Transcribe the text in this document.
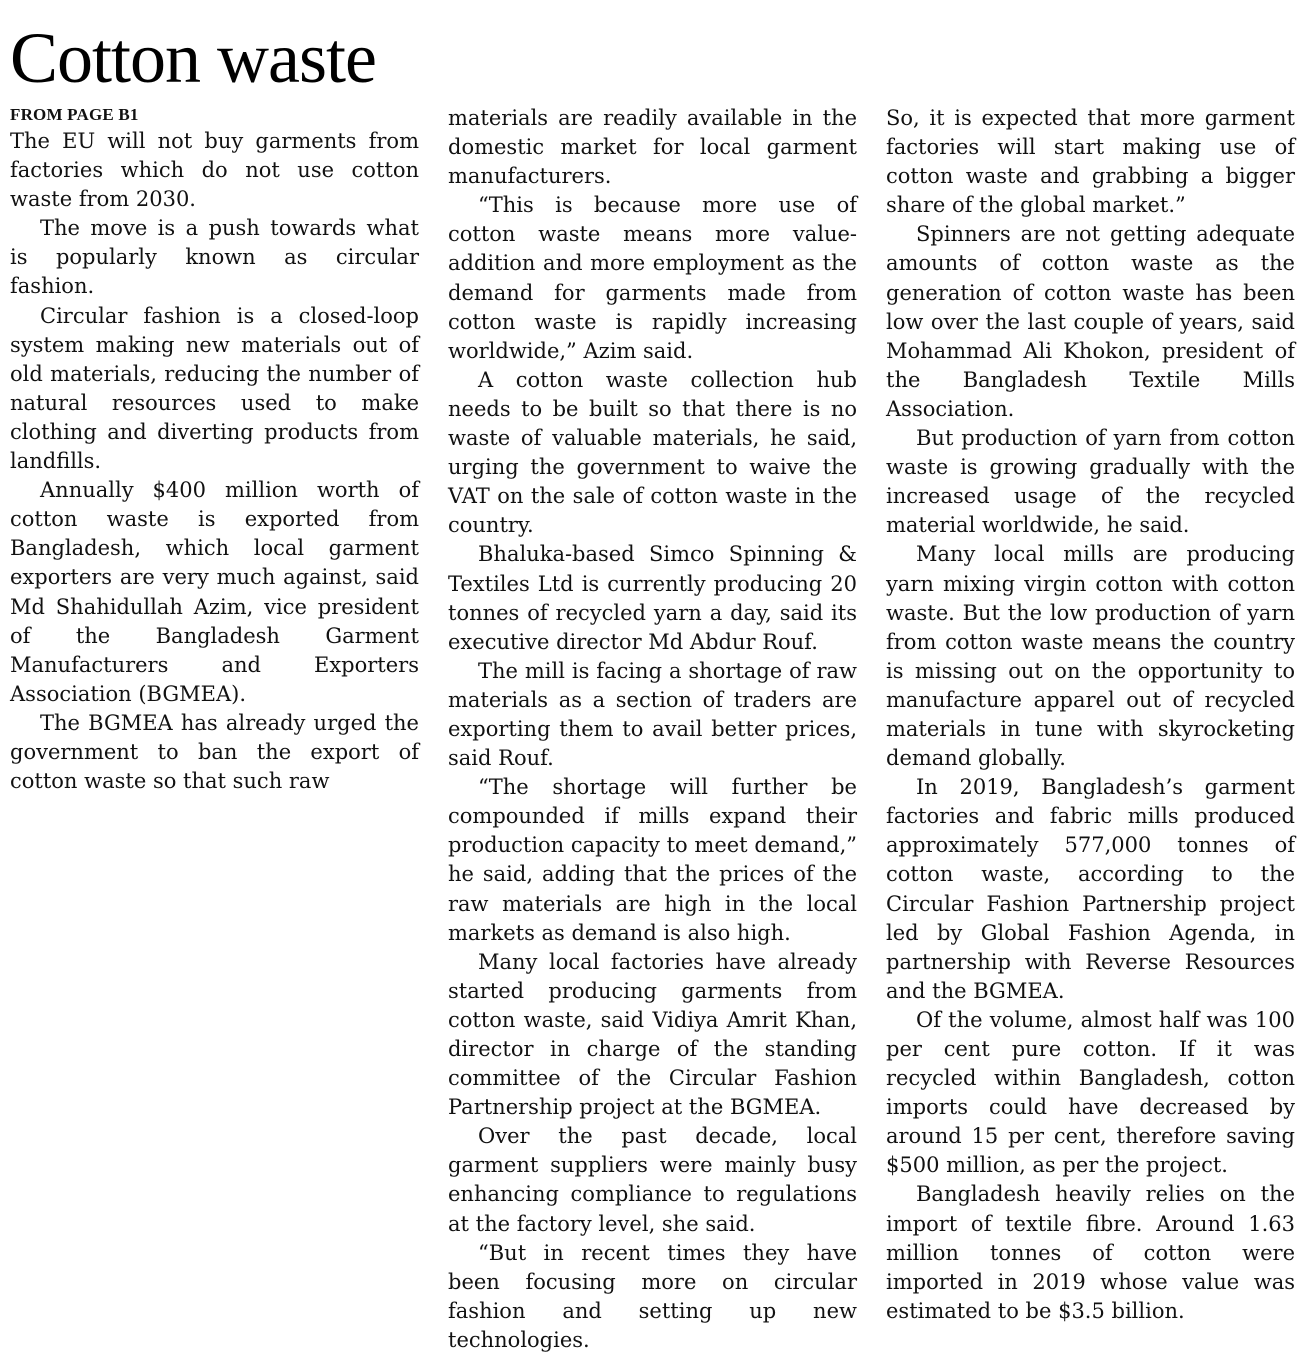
Cotton waste
FROM PAGE B1

The EU will not buy garments from factories which do not use cotton waste from 2030.

The move is a push towards what is popularly known as circular fashion.

Circular fashion is a closed-loop system making new materials out of old materials, reducing the number of natural resources used to make clothing and diverting products from landfills.

Annually $400 million worth of cotton waste is exported from Bangladesh, which local garment exporters are very much against, said Md Shahidullah Azim, vice president of the Bangladesh Garment Manufacturers and Exporters Association (BGMEA).

The BGMEA has already urged the government to ban the export of cotton waste so that such raw

materials are readily available in the domestic market for local garment manufacturers.

“This is because more use of cotton waste means more value-addition and more employment as the demand for garments made from cotton waste is rapidly increasing worldwide,” Azim said.

A cotton waste collection hub needs to be built so that there is no waste of valuable materials, he said, urging the government to waive the VAT on the sale of cotton waste in the country.

Bhaluka-based Simco Spinning & Textiles Ltd is currently producing 20 tonnes of recycled yarn a day, said its executive director Md Abdur Rouf.

The mill is facing a shortage of raw materials as a section of traders are exporting them to avail better prices, said Rouf.

“The shortage will further be compounded if mills expand their production capacity to meet demand,” he said, adding that the prices of the raw materials are high in the local markets as demand is also high.

Many local factories have already started producing garments from cotton waste, said Vidiya Amrit Khan, director in charge of the standing committee of the Circular Fashion Partnership project at the BGMEA.

Over the past decade, local garment suppliers were mainly busy enhancing compliance to regulations at the factory level, she said.

“But in recent times they have been focusing more on circular fashion and setting up new technologies.

So, it is expected that more garment factories will start making use of cotton waste and grabbing a bigger share of the global market.”

Spinners are not getting adequate amounts of cotton waste as the generation of cotton waste has been low over the last couple of years, said Mohammad Ali Khokon, president of the Bangladesh Textile Mills Association.

But production of yarn from cotton waste is growing gradually with the increased usage of the recycled material worldwide, he said.

Many local mills are producing yarn mixing virgin cotton with cotton waste. But the low production of yarn from cotton waste means the country is missing out on the opportunity to manufacture apparel out of recycled materials in tune with skyrocketing demand globally.

In 2019, Bangladesh’s garment factories and fabric mills produced approximately 577,000 tonnes of cotton waste, according to the Circular Fashion Partnership project led by Global Fashion Agenda, in partnership with Reverse Resources and the BGMEA.

Of the volume, almost half was 100 per cent pure cotton. If it was recycled within Bangladesh, cotton imports could have decreased by around 15 per cent, therefore saving $500 million, as per the project.

Bangladesh heavily relies on the import of textile fibre. Around 1.63 million tonnes of cotton were imported in 2019 whose value was estimated to be $3.5 billion.
